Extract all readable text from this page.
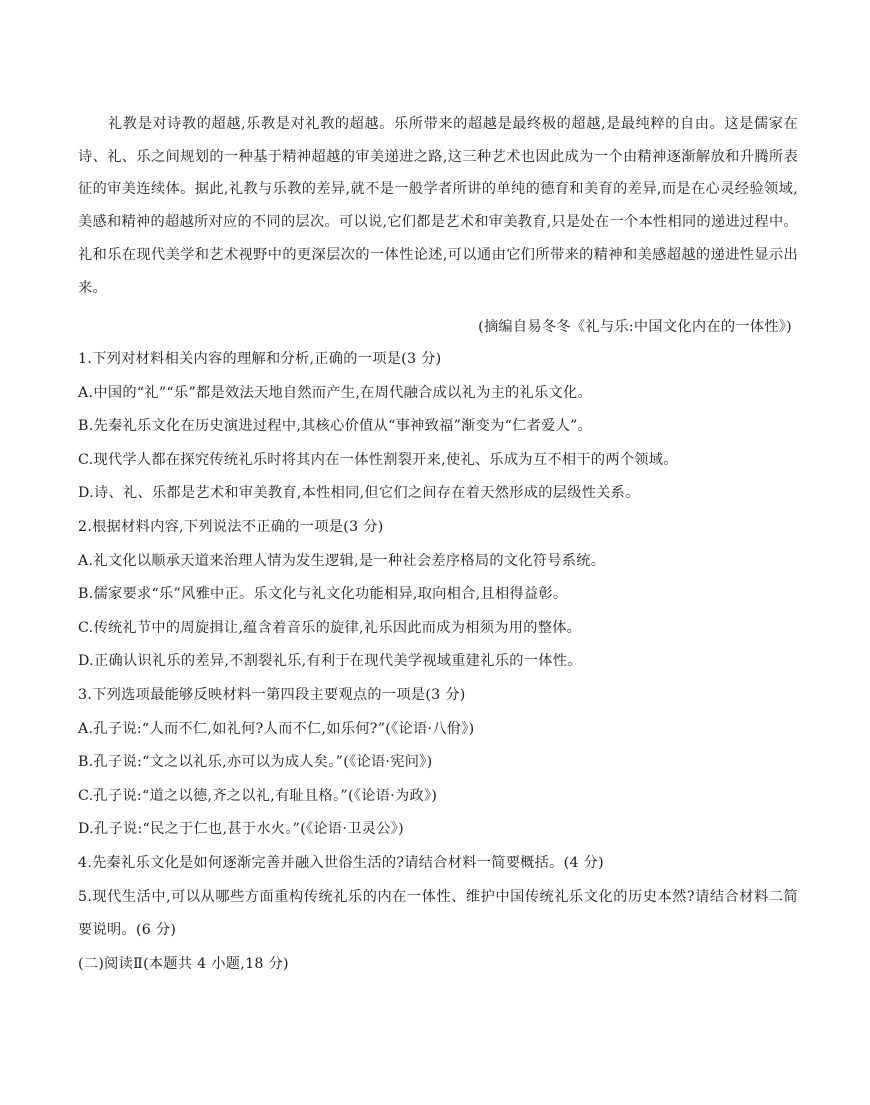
礼教是对诗教的超越,乐教是对礼教的超越。乐所带来的超越是最终极的超越,是最纯粹的自由。这是儒家在诗、礼、乐之间规划的一种基于精神超越的审美递进之路,这三种艺术也因此成为一个由精神逐渐解放和升腾所表征的审美连续体。据此,礼教与乐教的差异,就不是一般学者所讲的单纯的德育和美育的差异,而是在心灵经验领域,美感和精神的超越所对应的不同的层次。可以说,它们都是艺术和审美教育,只是处在一个本性相同的递进过程中。礼和乐在现代美学和艺术视野中的更深层次的一体性论述,可以通由它们所带来的精神和美感超越的递进性显示出来。

(摘编自易冬冬《礼与乐:中国文化内在的一体性》)
1.下列对材料相关内容的理解和分析,正确的一项是(3 分)
A.中国的“礼”“乐”都是效法天地自然而产生,在周代融合成以礼为主的礼乐文化。
B.先秦礼乐文化在历史演进过程中,其核心价值从“事神致福”渐变为“仁者爱人”。
C.现代学人都在探究传统礼乐时将其内在一体性割裂开来,使礼、乐成为互不相干的两个领域。
D.诗、礼、乐都是艺术和审美教育,本性相同,但它们之间存在着天然形成的层级性关系。
2.根据材料内容,下列说法不正确的一项是(3 分)
A.礼文化以顺承天道来治理人情为发生逻辑,是一种社会差序格局的文化符号系统。
B.儒家要求“乐”风雅中正。乐文化与礼文化功能相异,取向相合,且相得益彰。
C.传统礼节中的周旋揖让,蕴含着音乐的旋律,礼乐因此而成为相须为用的整体。
D.正确认识礼乐的差异,不割裂礼乐,有利于在现代美学视域重建礼乐的一体性。
3.下列选项最能够反映材料一第四段主要观点的一项是(3 分)
A.孔子说:“人而不仁,如礼何?人而不仁,如乐何?”(《论语·八佾》)
B.孔子说:“文之以礼乐,亦可以为成人矣。”(《论语·宪问》)
C.孔子说:“道之以德,齐之以礼,有耻且格。”(《论语·为政》)
D.孔子说:“民之于仁也,甚于水火。”(《论语·卫灵公》)
4.先秦礼乐文化是如何逐渐完善并融入世俗生活的?请结合材料一简要概括。(4 分)
5.现代生活中,可以从哪些方面重构传统礼乐的内在一体性、维护中国传统礼乐文化的历史本然?请结合材料二简要说明。(6 分)
(二)阅读Ⅱ(本题共 4 小题,18 分)
